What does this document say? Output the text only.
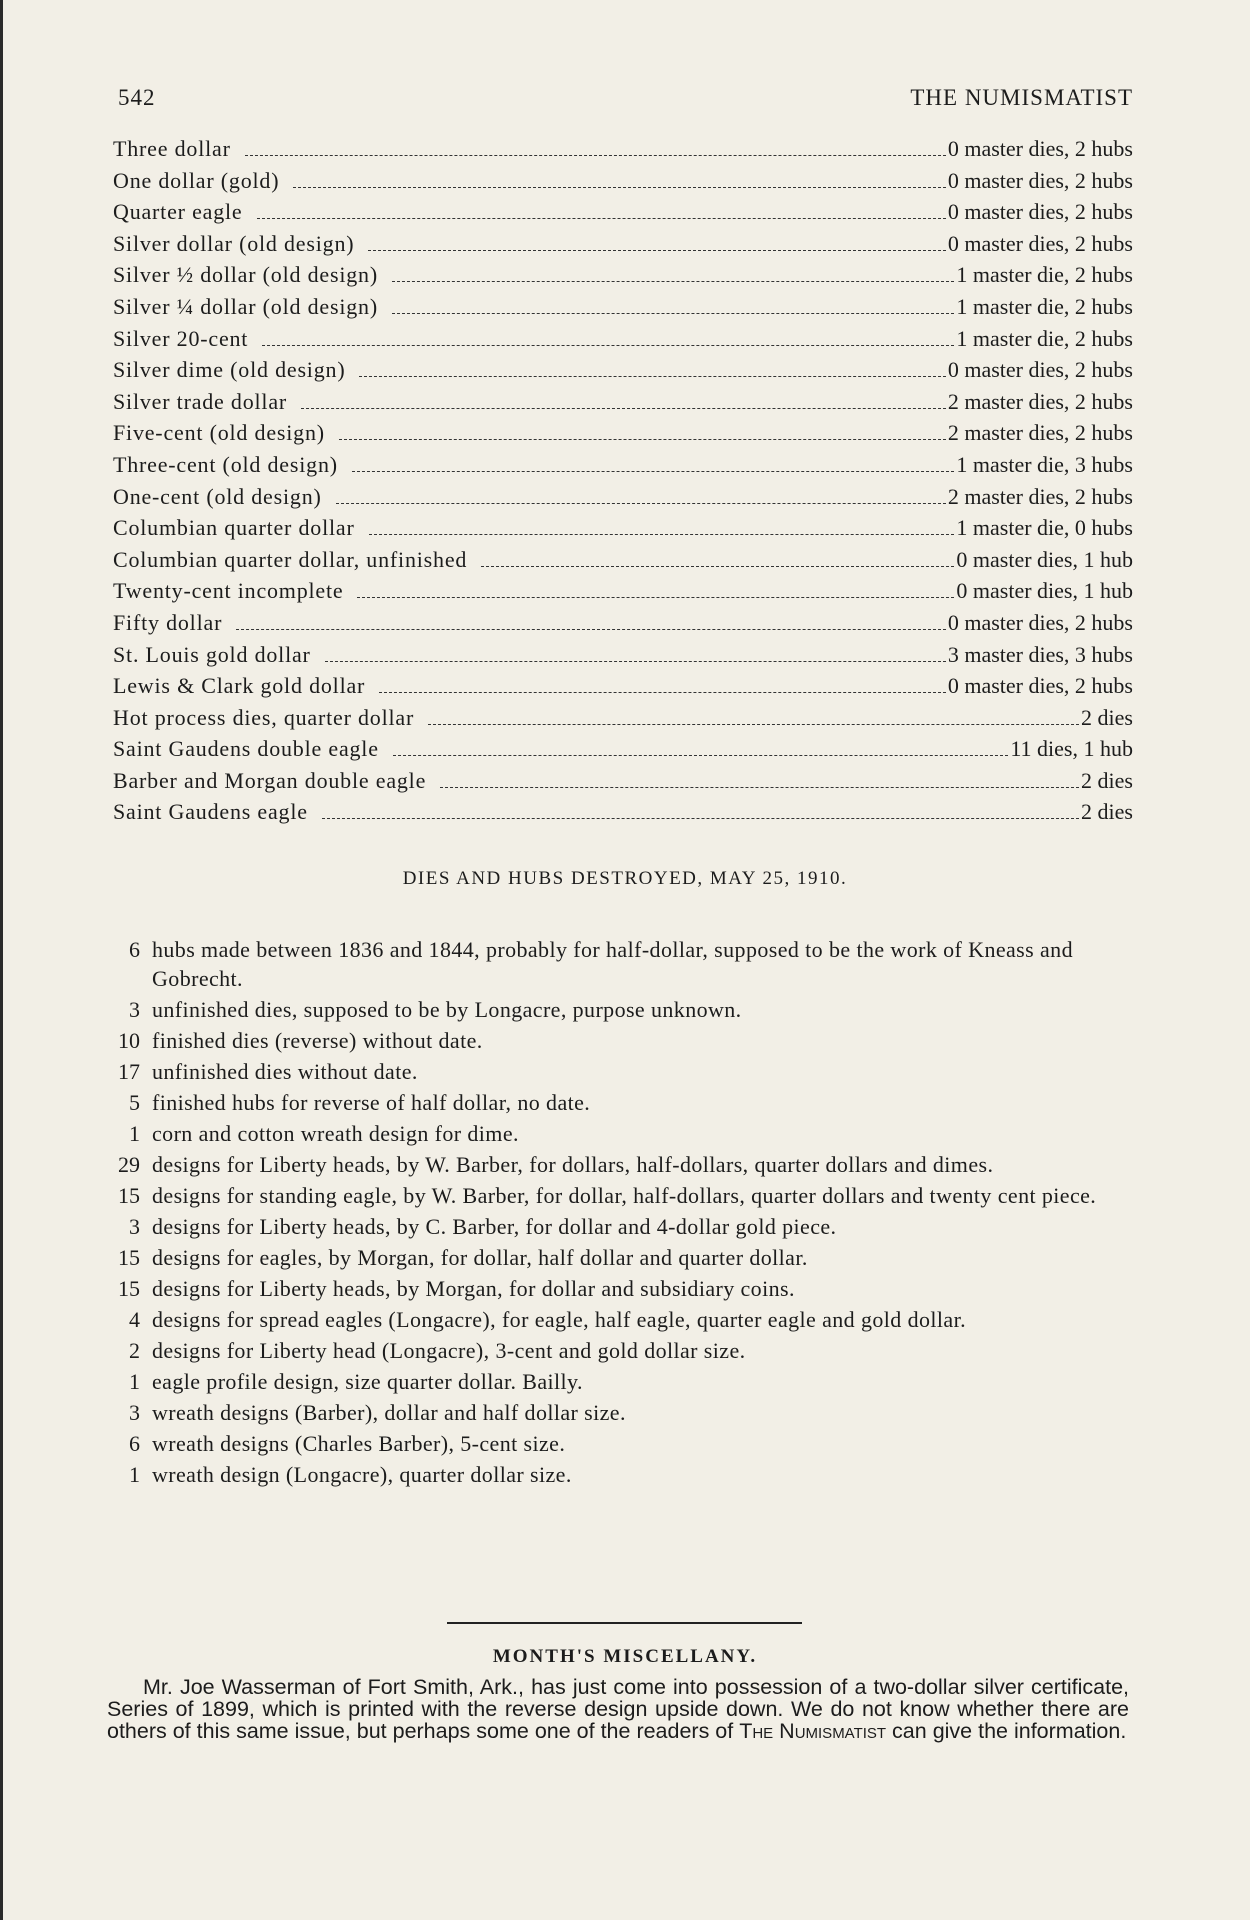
542	THE NUMISMATIST
Three dollar	0 master dies, 2 hubs
One dollar (gold)	0 master dies, 2 hubs
Quarter eagle	0 master dies, 2 hubs
Silver dollar (old design)	0 master dies, 2 hubs
Silver ½ dollar (old design)	1 master die, 2 hubs
Silver ¼ dollar (old design)	1 master die, 2 hubs
Silver 20-cent	1 master die, 2 hubs
Silver dime (old design)	0 master dies, 2 hubs
Silver trade dollar	2 master dies, 2 hubs
Five-cent (old design)	2 master dies, 2 hubs
Three-cent (old design)	1 master die, 3 hubs
One-cent (old design)	2 master dies, 2 hubs
Columbian quarter dollar	1 master die, 0 hubs
Columbian quarter dollar, unfinished	0 master dies, 1 hub
Twenty-cent incomplete	0 master dies, 1 hub
Fifty dollar	0 master dies, 2 hubs
St. Louis gold dollar	3 master dies, 3 hubs
Lewis & Clark gold dollar	0 master dies, 2 hubs
Hot process dies, quarter dollar	2 dies
Saint Gaudens double eagle	11 dies, 1 hub
Barber and Morgan double eagle	2 dies
Saint Gaudens eagle	2 dies
DIES AND HUBS DESTROYED, MAY 25, 1910.
6 hubs made between 1836 and 1844, probably for half-dollar, supposed to be the work of Kneass and Gobrecht.
3 unfinished dies, supposed to be by Longacre, purpose unknown.
10 finished dies (reverse) without date.
17 unfinished dies without date.
5 finished hubs for reverse of half dollar, no date.
1 corn and cotton wreath design for dime.
29 designs for Liberty heads, by W. Barber, for dollars, half-dollars, quarter dollars and dimes.
15 designs for standing eagle, by W. Barber, for dollar, half-dollars, quarter dollars and twenty cent piece.
3 designs for Liberty heads, by C. Barber, for dollar and 4-dollar gold piece.
15 designs for eagles, by Morgan, for dollar, half dollar and quarter dollar.
15 designs for Liberty heads, by Morgan, for dollar and subsidiary coins.
4 designs for spread eagles (Longacre), for eagle, half eagle, quarter eagle and gold dollar.
2 designs for Liberty head (Longacre), 3-cent and gold dollar size.
1 eagle profile design, size quarter dollar. Bailly.
3 wreath designs (Barber), dollar and half dollar size.
6 wreath designs (Charles Barber), 5-cent size.
1 wreath design (Longacre), quarter dollar size.
MONTH'S MISCELLANY.
Mr. Joe Wasserman of Fort Smith, Ark., has just come into possession of a two-dollar silver certificate, Series of 1899, which is printed with the reverse design upside down. We do not know whether there are others of this same issue, but perhaps some one of the readers of The Numismatist can give the information.
